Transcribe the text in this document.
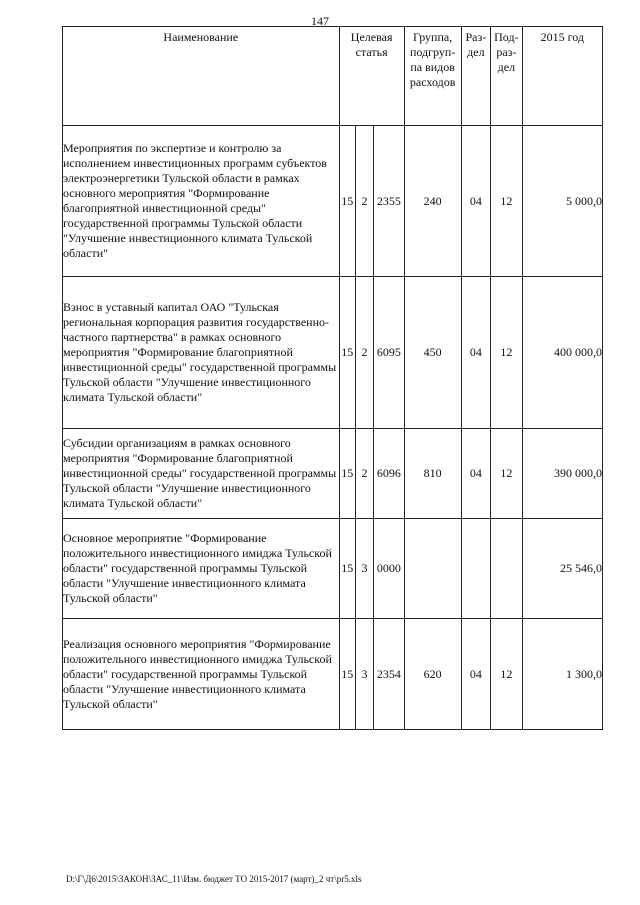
147
Наименование	Целевая статья			Группа, подгруп- па видов расходов	Раз- дел	Под- раз- дел	2015 год
Мероприятия по экспертизе и контролю за исполнением инвестиционных программ субъектов электроэнергетики Тульской области в рамках основного мероприятия "Формирование благоприятной инвестиционной среды" государственной программы Тульской области "Улучшение инвестиционного климата Тульской области"	15	2	2355	240	04	12	5 000,0
Взнос в уставный капитал ОАО "Тульская региональная корпорация развития государственно-частного партнерства" в рамках основного мероприятия "Формирование благоприятной инвестиционной среды" государственной программы Тульской области "Улучшение инвестиционного климата Тульской области"	15	2	6095	450	04	12	400 000,0
Субсидии организациям в рамках основного мероприятия "Формирование благоприятной инвестиционной среды" государственной программы Тульской области "Улучшение инвестиционного климата Тульской области"	15	2	6096	810	04	12	390 000,0
Основное мероприятие "Формирование положительного инвестиционного имиджа Тульской области" государственной программы Тульской области "Улучшение инвестиционного климата Тульской области"	15	3	0000				25 546,0
Реализация основного мероприятия "Формирование положительного инвестиционного имиджа Тульской области" государственной программы Тульской области "Улучшение инвестиционного климата Тульской области"	15	3	2354	620	04	12	1 300,0
D:\Г\Д6\2015\ЗАКОН\ЗАС_11\Изм. бюджет ТО 2015-2017 (март)_2 чт\pr5.xls
